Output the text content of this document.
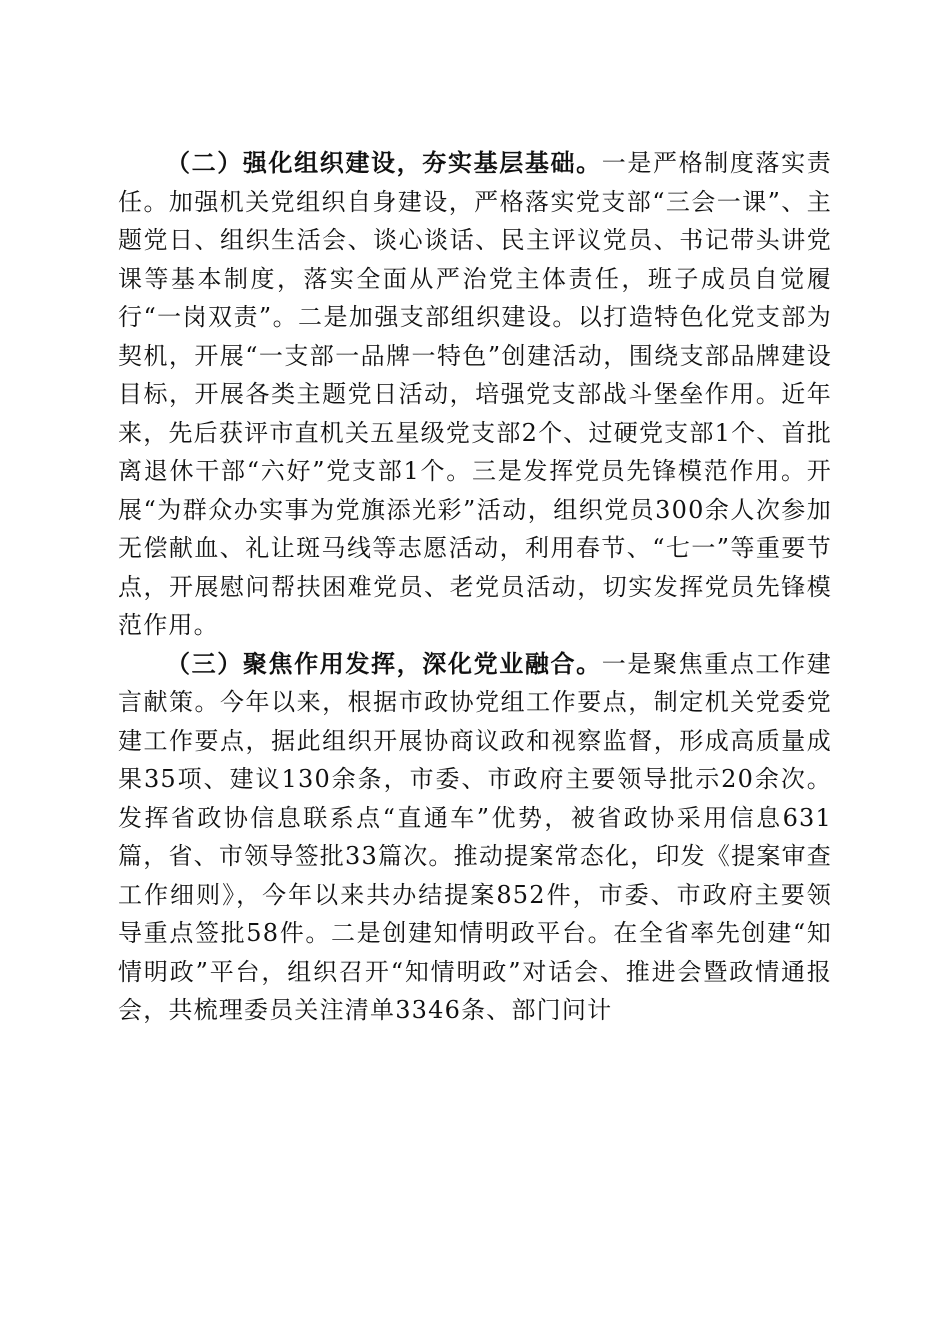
（二）强化组织建设，夯实基层基础。一是严格制度落实责任。加强机关党组织自身建设，严格落实党支部“三会一课”、主题党日、组织生活会、谈心谈话、民主评议党员、书记带头讲党课等基本制度，落实全面从严治党主体责任，班子成员自觉履行“一岗双责”。二是加强支部组织建设。以打造特色化党支部为契机，开展“一支部一品牌一特色”创建活动，围绕支部品牌建设目标，开展各类主题党日活动，培强党支部战斗堡垒作用。近年来，先后获评市直机关五星级党支部2个、过硬党支部1个、首批离退休干部“六好”党支部1个。三是发挥党员先锋模范作用。开展“为群众办实事为党旗添光彩”活动，组织党员300余人次参加无偿献血、礼让斑马线等志愿活动，利用春节、“七一”等重要节点，开展慰问帮扶困难党员、老党员活动，切实发挥党员先锋模范作用。

（三）聚焦作用发挥，深化党业融合。一是聚焦重点工作建言献策。今年以来，根据市政协党组工作要点，制定机关党委党建工作要点，据此组织开展协商议政和视察监督，形成高质量成果35项、建议130余条，市委、市政府主要领导批示20余次。发挥省政协信息联系点“直通车”优势，被省政协采用信息631篇，省、市领导签批33篇次。推动提案常态化，印发《提案审查工作细则》，今年以来共办结提案852件，市委、市政府主要领导重点签批58件。二是创建知情明政平台。在全省率先创建“知情明政”平台，组织召开“知情明政”对话会、推进会暨政情通报会，共梳理委员关注清单3346条、部门问计
